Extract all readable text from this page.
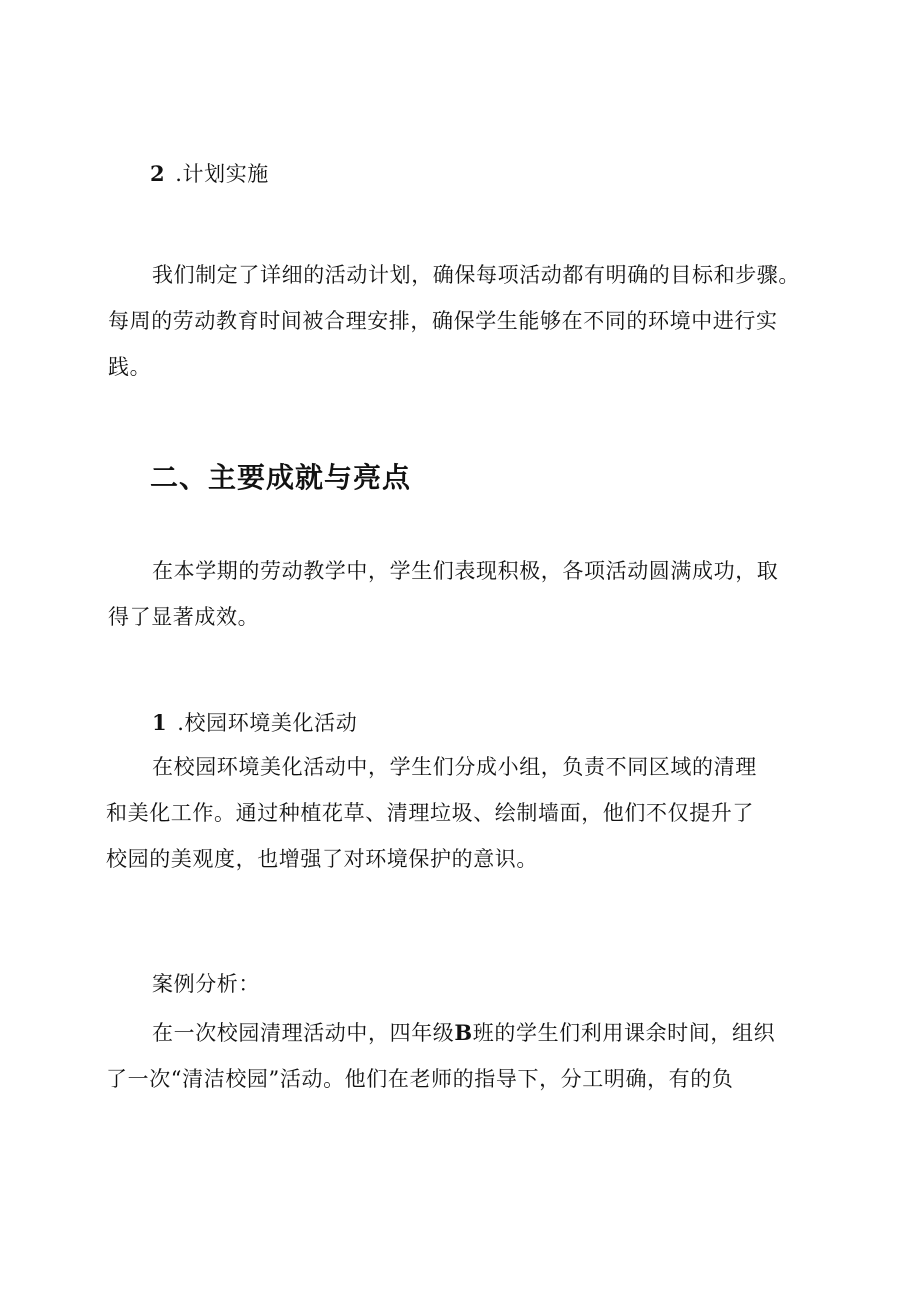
2 .计划实施

我们制定了详细的活动计划，确保每项活动都有明确的目标和步骤。
每周的劳动教育时间被合理安排，确保学生能够在不同的环境中进行实
践。
二、主要成就与亮点
在本学期的劳动教学中，学生们表现积极，各项活动圆满成功，取
得了显著成效。

1 .校园环境美化活动

在校园环境美化活动中，学生们分成小组，负责不同区域的清理
和美化工作。通过种植花草、清理垃圾、绘制墙面，他们不仅提升了
校园的美观度，也增强了对环境保护的意识。

案例分析：

在一次校园清理活动中，四年级B班的学生们利用课余时间，组织
了一次“清洁校园”活动。他们在老师的指导下，分工明确，有的负
